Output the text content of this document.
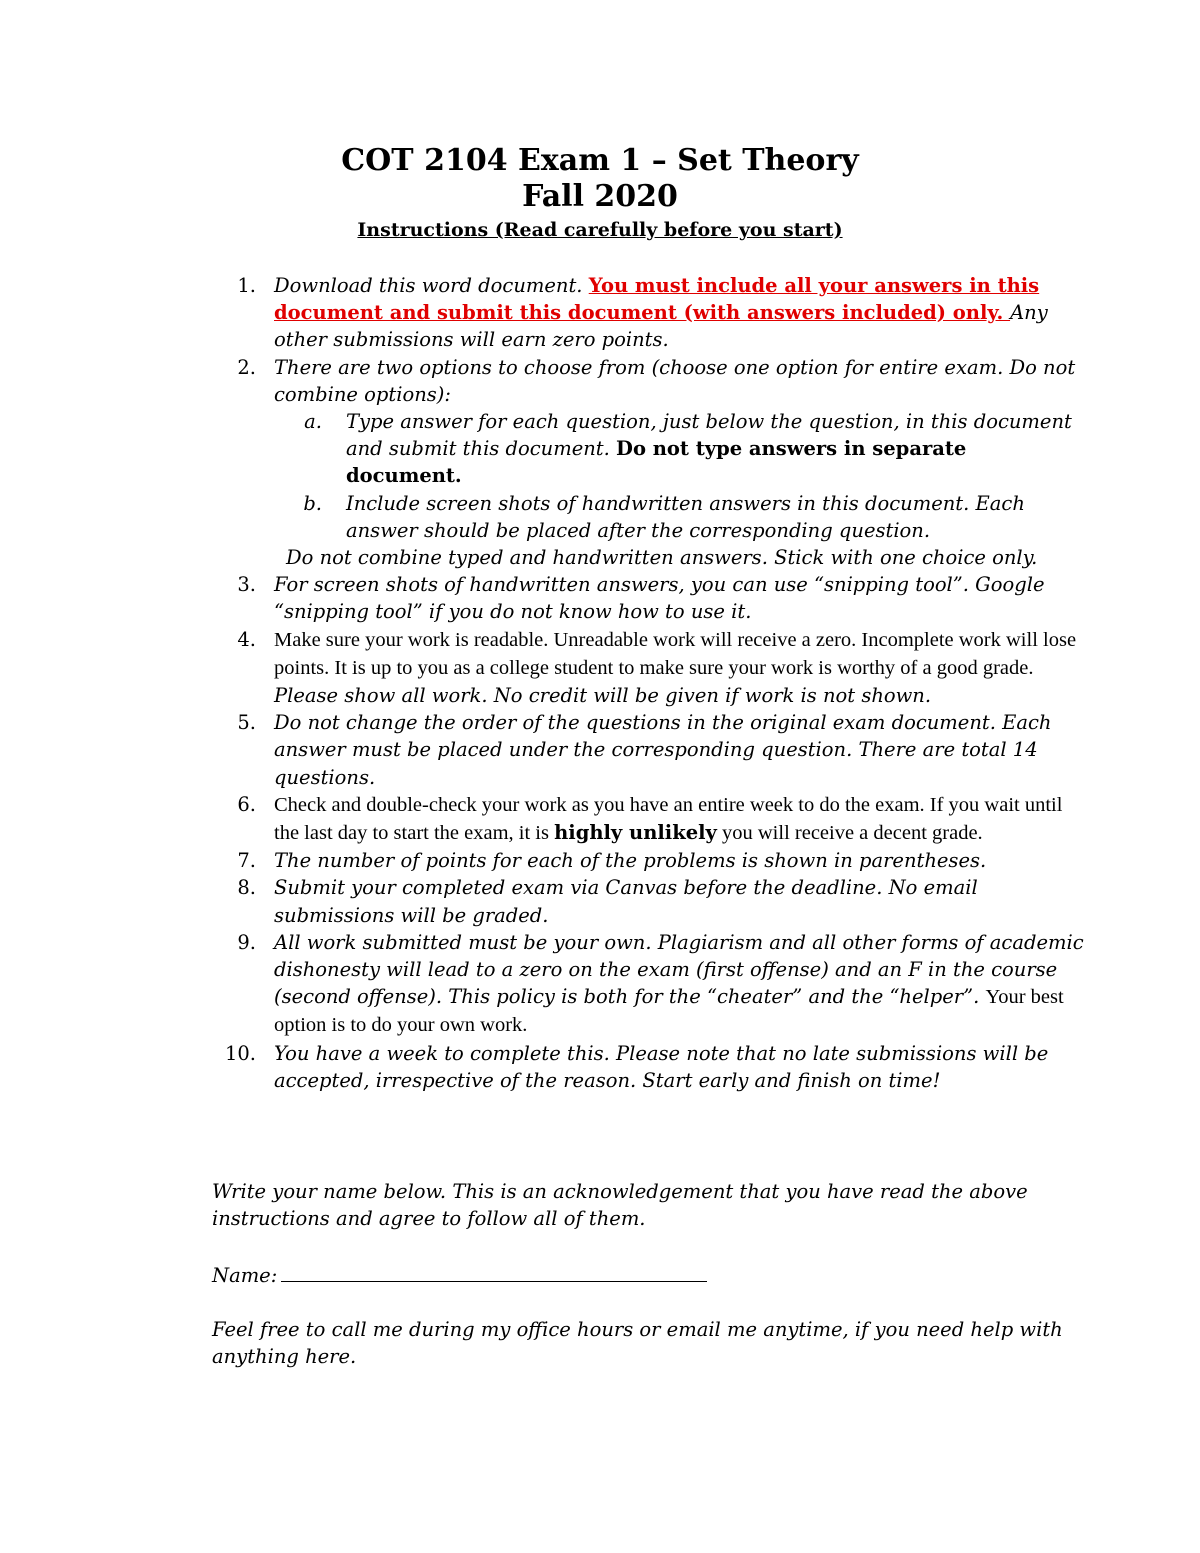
COT 2104 Exam 1 – Set Theory
Fall 2020
Instructions (Read carefully before you start)
1. Download this word document. You must include all your answers in this document and submit this document (with answers included) only. Any other submissions will earn zero points.
2. There are two options to choose from (choose one option for entire exam. Do not combine options):
a.	Type answer for each question, just below the question, in this document and submit this document. Do not type answers in separate document.
b.	Include screen shots of handwritten answers in this document. Each answer should be placed after the corresponding question.
Do not combine typed and handwritten answers. Stick with one choice only.
3. For screen shots of handwritten answers, you can use “snipping tool”. Google “snipping tool” if you do not know how to use it.
4. Make sure your work is readable. Unreadable work will receive a zero. Incomplete work will lose points. It is up to you as a college student to make sure your work is worthy of a good grade. Please show all work. No credit will be given if work is not shown.
5. Do not change the order of the questions in the original exam document. Each answer must be placed under the corresponding question. There are total 14 questions.
6. Check and double-check your work as you have an entire week to do the exam. If you wait until the last day to start the exam, it is highly unlikely you will receive a decent grade.
7. The number of points for each of the problems is shown in parentheses.
8. Submit your completed exam via Canvas before the deadline. No email submissions will be graded.
9. All work submitted must be your own. Plagiarism and all other forms of academic dishonesty will lead to a zero on the exam (first offense) and an F in the course (second offense). This policy is both for the “cheater” and the “helper”. Your best option is to do your own work.
10. You have a week to complete this. Please note that no late submissions will be accepted, irrespective of the reason. Start early and finish on time!
Write your name below. This is an acknowledgement that you have read the above instructions and agree to follow all of them.
Name:
Feel free to call me during my office hours or email me anytime, if you need help with anything here.
